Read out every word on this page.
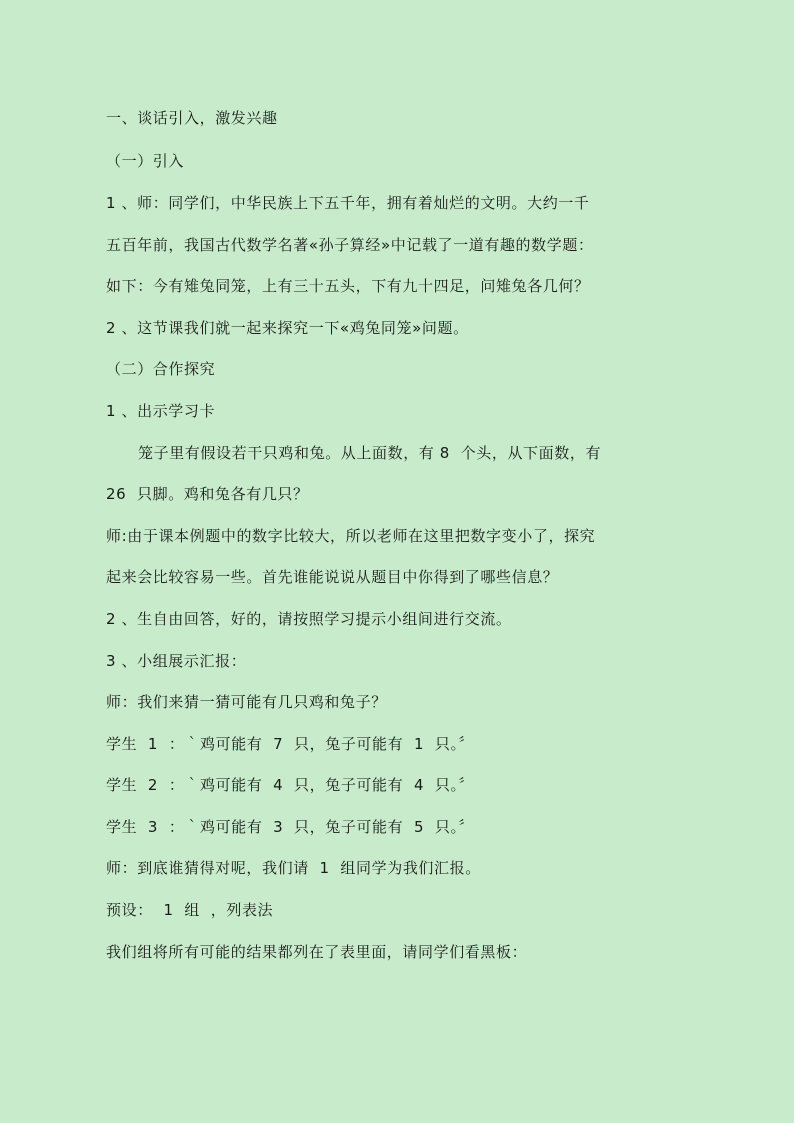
一、谈话引入，激发兴趣
（一）引入
1 、师：同学们，中华民族上下五千年，拥有着灿烂的文明。大约一千
五百年前，我国古代数学名著«孙子算经»中记载了一道有趣的数学题：
如下：今有雉兔同笼，上有三十五头，下有九十四足，问雉兔各几何？
2 、这节课我们就一起来探究一下«鸡兔同笼»问题。
（二）合作探究
1 、出示学习卡
笼子里有假设若干只鸡和兔。从上面数，有 8  个头，从下面数，有
26  只脚。鸡和兔各有几只？
师:由于课本例题中的数字比较大，所以老师在这里把数字变小了，探究
起来会比较容易一些。首先谁能说说从题目中你得到了哪些信息？
2 、生自由回答，好的，请按照学习提示小组间进行交流。
3 、小组展示汇报：
师：我们来猜一猜可能有几只鸡和兔子？
学生  1  ：｀鸡可能有  7  只，兔子可能有  1  只。〞
学生  2  ：｀鸡可能有  4  只，兔子可能有  4  只。〞
学生  3  ：｀鸡可能有  3  只，兔子可能有  5  只。〞
师：到底谁猜得对呢，我们请  1  组同学为我们汇报。
预设：  1  组  ，列表法
我们组将所有可能的结果都列在了表里面，请同学们看黑板：
